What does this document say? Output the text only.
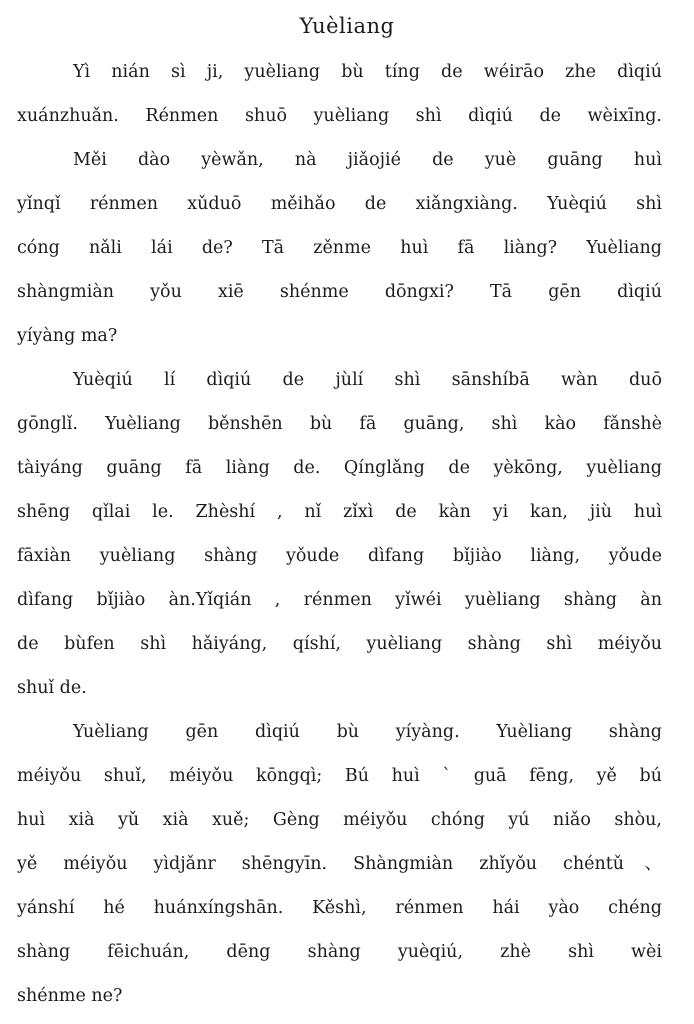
Yuèliang
Yì nián sì ji, yuèliang bù tíng de wéirāo zhe dìqiú
xuánzhuǎn. Rénmen shuō yuèliang shì dìqiú de wèixīng.
Měi dào yèwǎn, nà jiǎojié de yuè guāng huì
yǐnqǐ rénmen xǔduō měihǎo de xiǎngxiàng. Yuèqiú shì
cóng nǎli lái de? Tā zěnme huì fā liàng? Yuèliang
shàngmiàn yǒu xiē shénme dōngxi? Tā gēn dìqiú
yíyàng ma?
Yuèqiú lí dìqiú de jùlí shì sānshíbā wàn duō
gōnglǐ. Yuèliang běnshēn bù fā guāng, shì kào fǎnshè
tàiyáng guāng fā liàng de. Qínglǎng de yèkōng, yuèliang
shēng qǐlai le. Zhèshí , nǐ zǐxì de kàn yi kan, jiù huì
fāxiàn yuèliang shàng yǒude dìfang bǐjiào liàng, yǒude
dìfang bǐjiào àn.Yǐqián , rénmen yǐwéi yuèliang shàng àn
de bùfen shì hǎiyáng, qíshí, yuèliang shàng shì méiyǒu
shuǐ de.
Yuèliang gēn dìqiú bù yíyàng. Yuèliang shàng
méiyǒu shuǐ, méiyǒu kōngqì; Bú huì ` guā fēng, yě bú
huì xià yǔ xià xuě; Gèng méiyǒu chóng yú niǎo shòu,
yě méiyǒu yìdjǎnr shēngyīn. Shàngmiàn zhǐyǒu chéntǔ、
yánshí hé huánxíngshān. Kěshì, rénmen hái yào chéng
shàng fēichuán, dēng shàng yuèqiú, zhè shì wèi
shénme ne?
